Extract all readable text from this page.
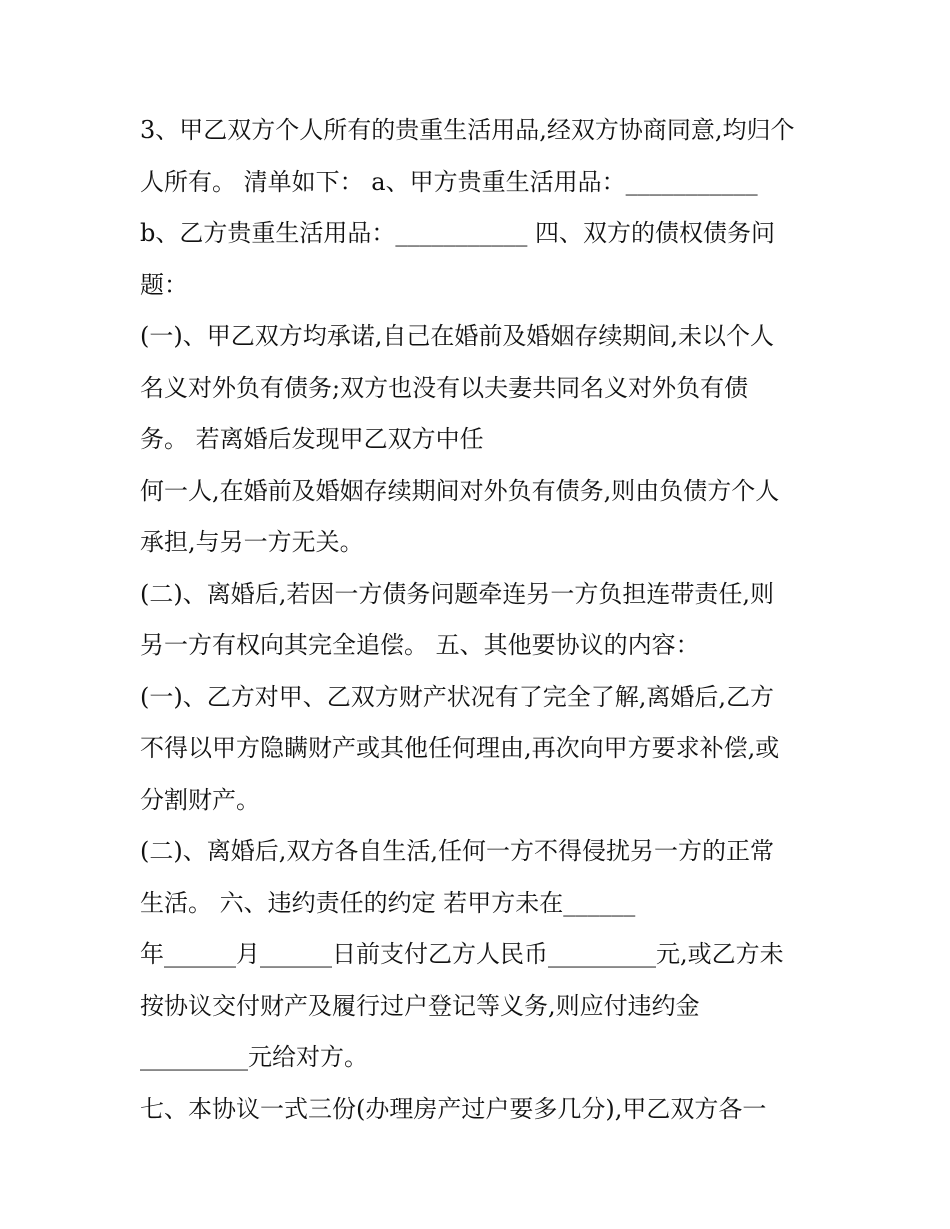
3、甲乙双方个人所有的贵重生活用品,经双方协商同意,均归个
人所有。 清单如下： a、甲方贵重生活用品：___________
b、乙方贵重生活用品：___________ 四、双方的债权债务问
题：
(一)、甲乙双方均承诺,自己在婚前及婚姻存续期间,未以个人
名义对外负有债务;双方也没有以夫妻共同名义对外负有债
务。 若离婚后发现甲乙双方中任
何一人,在婚前及婚姻存续期间对外负有债务,则由负债方个人
承担,与另一方无关。
(二)、离婚后,若因一方债务问题牵连另一方负担连带责任,则
另一方有权向其完全追偿。 五、其他要协议的内容：
(一)、乙方对甲、乙双方财产状况有了完全了解,离婚后,乙方
不得以甲方隐瞒财产或其他任何理由,再次向甲方要求补偿,或
分割财产。
(二)、离婚后,双方各自生活,任何一方不得侵扰另一方的正常
生活。 六、违约责任的约定 若甲方未在______
年______月______日前支付乙方人民币_________元,或乙方未
按协议交付财产及履行过户登记等义务,则应付违约金
_________元给对方。
七、本协议一式三份(办理房产过户要多几分),甲乙双方各一
